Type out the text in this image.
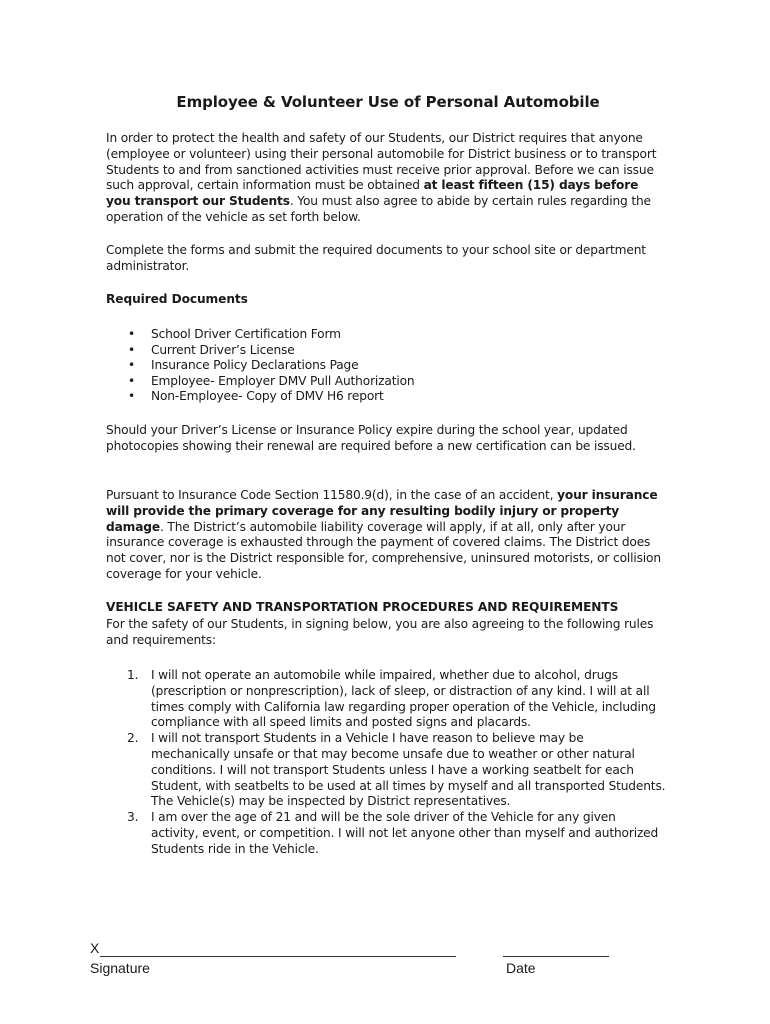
Employee & Volunteer Use of Personal Automobile
In order to protect the health and safety of our Students, our District requires that anyone (employee or volunteer) using their personal automobile for District business or to transport Students to and from sanctioned activities must receive prior approval. Before we can issue such approval, certain information must be obtained at least fifteen (15) days before you transport our Students. You must also agree to abide by certain rules regarding the operation of the vehicle as set forth below.
Complete the forms and submit the required documents to your school site or department administrator.
Required Documents
• School Driver Certification Form
• Current Driver’s License
• Insurance Policy Declarations Page
• Employee- Employer DMV Pull Authorization
• Non-Employee- Copy of DMV H6 report
Should your Driver’s License or Insurance Policy expire during the school year, updated photocopies showing their renewal are required before a new certification can be issued.
Pursuant to Insurance Code Section 11580.9(d), in the case of an accident, your insurance will provide the primary coverage for any resulting bodily injury or property damage. The District’s automobile liability coverage will apply, if at all, only after your insurance coverage is exhausted through the payment of covered claims. The District does not cover, nor is the District responsible for, comprehensive, uninsured motorists, or collision coverage for your vehicle.
VEHICLE SAFETY AND TRANSPORTATION PROCEDURES AND REQUIREMENTS
For the safety of our Students, in signing below, you are also agreeing to the following rules and requirements:
1. I will not operate an automobile while impaired, whether due to alcohol, drugs (prescription or nonprescription), lack of sleep, or distraction of any kind. I will at all times comply with California law regarding proper operation of the Vehicle, including compliance with all speed limits and posted signs and placards.
2. I will not transport Students in a Vehicle I have reason to believe may be mechanically unsafe or that may become unsafe due to weather or other natural conditions. I will not transport Students unless I have a working seatbelt for each Student, with seatbelts to be used at all times by myself and all transported Students. The Vehicle(s) may be inspected by District representatives.
3. I am over the age of 21 and will be the sole driver of the Vehicle for any given activity, event, or competition. I will not let anyone other than myself and authorized Students ride in the Vehicle.
X
Signature	Date
